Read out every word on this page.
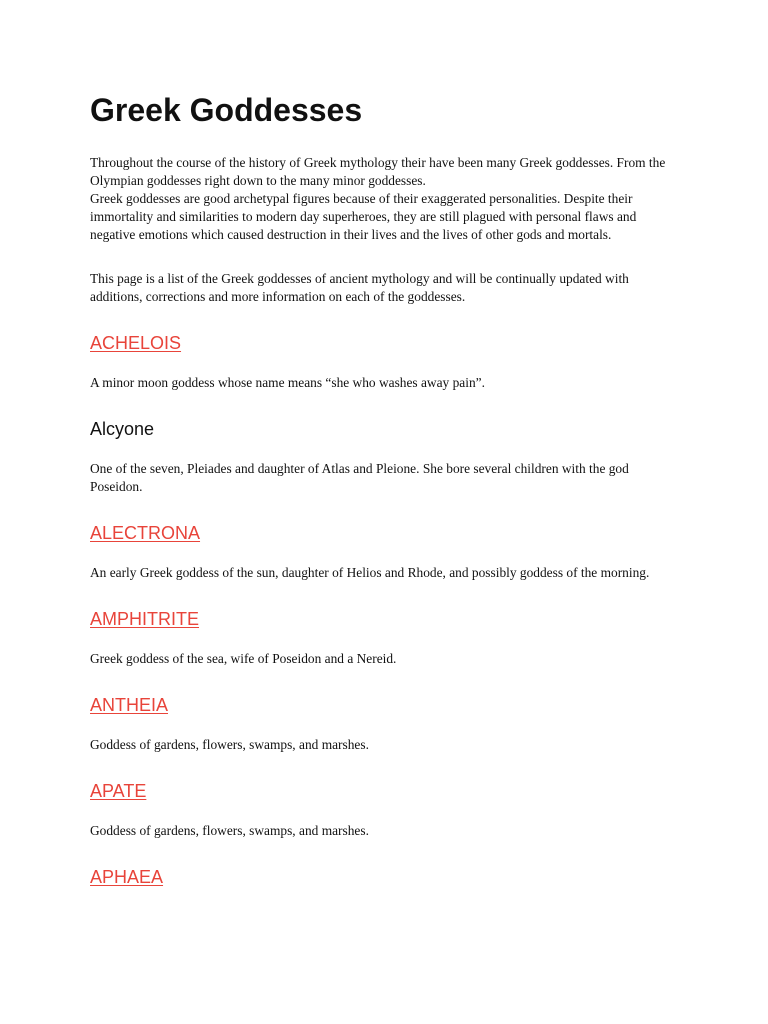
Greek Goddesses

Throughout the course of the history of Greek mythology their have been many Greek goddesses. From the Olympian goddesses right down to the many minor goddesses.

Greek goddesses are good archetypal figures because of their exaggerated personalities. Despite their immortality and similarities to modern day superheroes, they are still plagued with personal flaws and negative emotions which caused destruction in their lives and the lives of other gods and mortals.

This page is a list of the Greek goddesses of ancient mythology and will be continually updated with additions, corrections and more information on each of the goddesses.

ACHELOIS

A minor moon goddess whose name means “she who washes away pain”.

Alcyone

One of the seven, Pleiades and daughter of Atlas and Pleione. She bore several children with the god Poseidon.

ALECTRONA

An early Greek goddess of the sun, daughter of Helios and Rhode, and possibly goddess of the morning.

AMPHITRITE

Greek goddess of the sea, wife of Poseidon and a Nereid.

ANTHEIA

Goddess of gardens, flowers, swamps, and marshes.

APATE

Goddess of gardens, flowers, swamps, and marshes.

APHAEA
